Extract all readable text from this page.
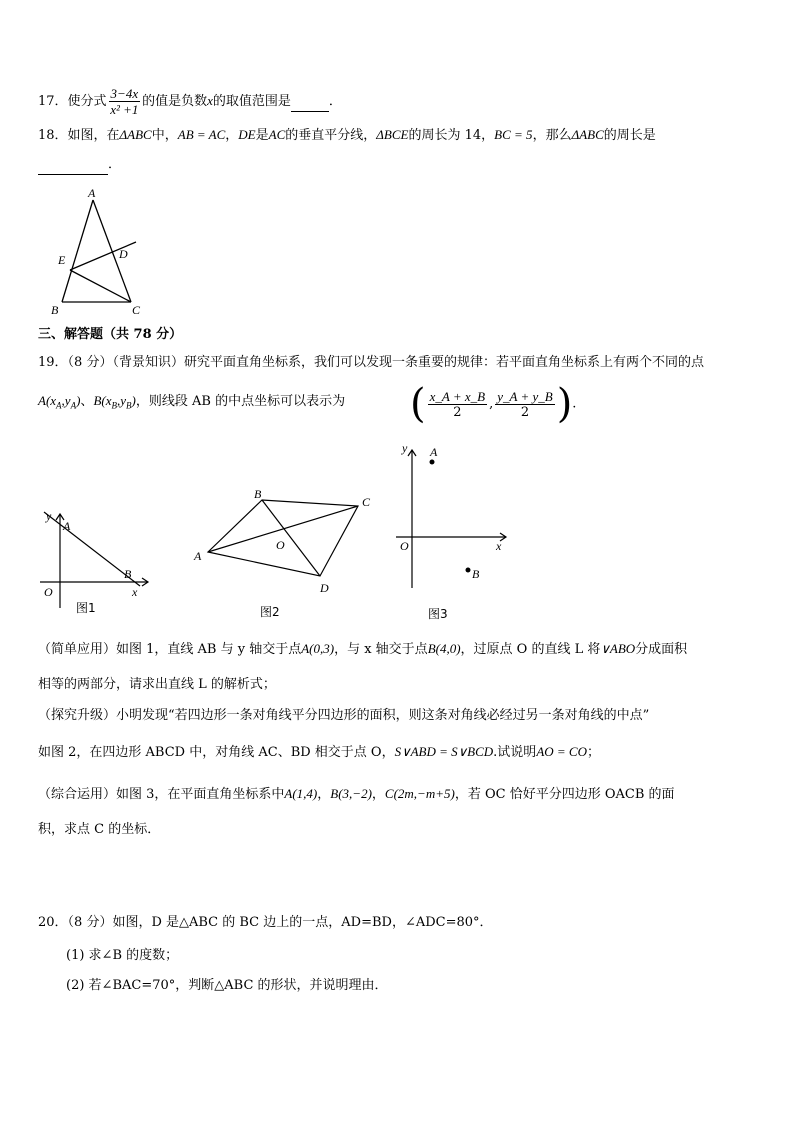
17．使分式 $\frac{3-4x}{\text{x² +1}}$ 的值是负数x的取值范围是	．
18．如图，在ΔABC中，AB = AC，DE是AC的垂直平分线，ΔBCE的周长为 14，BC = 5，那么ΔABC的周长是
．
A
D
E
B	C
三、解答题（共 78 分）
19．（8 分）（背景知识）研究平面直角坐标系，我们可以发现一条重要的规律：若平面直角坐标系上有两个不同的点
$A(x_A,y_A)$、$B(x_B,y_B)$，则线段 AB 的中点坐标可以表示为 ( $\frac{x\_A + x\_B}{2}$ , $\frac{y\_A + y\_B}{2}$ ).
y
A
O
B
x
图1
B
C
A
O
D
图2
y A
O	x
B
图3
（简单应用）如图 1，直线 AB 与 y 轴交于点A(0,3)，与 x 轴交于点B(4,0)，过原点 O 的直线 L 将∨ABO分成面积
相等的两部分，请求出直线 L 的解析式；
（探究升级）小明发现“若四边形一条对角线平分四边形的面积，则这条对角线必经过另一条对角线的中点”
如图 2，在四边形 ABCD 中，对角线 AC、BD 相交于点 O，S∨ABD = S∨BCD.试说明AO = CO；
（综合运用）如图 3，在平面直角坐标系中A(1,4)，B(3,−2)，C(2m,−m+5)，若 OC 恰好平分四边形 OACB 的面
积，求点 C 的坐标．
20．（8 分）如图，D 是△ABC 的 BC 边上的一点，AD=BD，∠ADC=80°．
(1) 求∠B 的度数；
(2) 若∠BAC=70°，判断△ABC 的形状，并说明理由．
